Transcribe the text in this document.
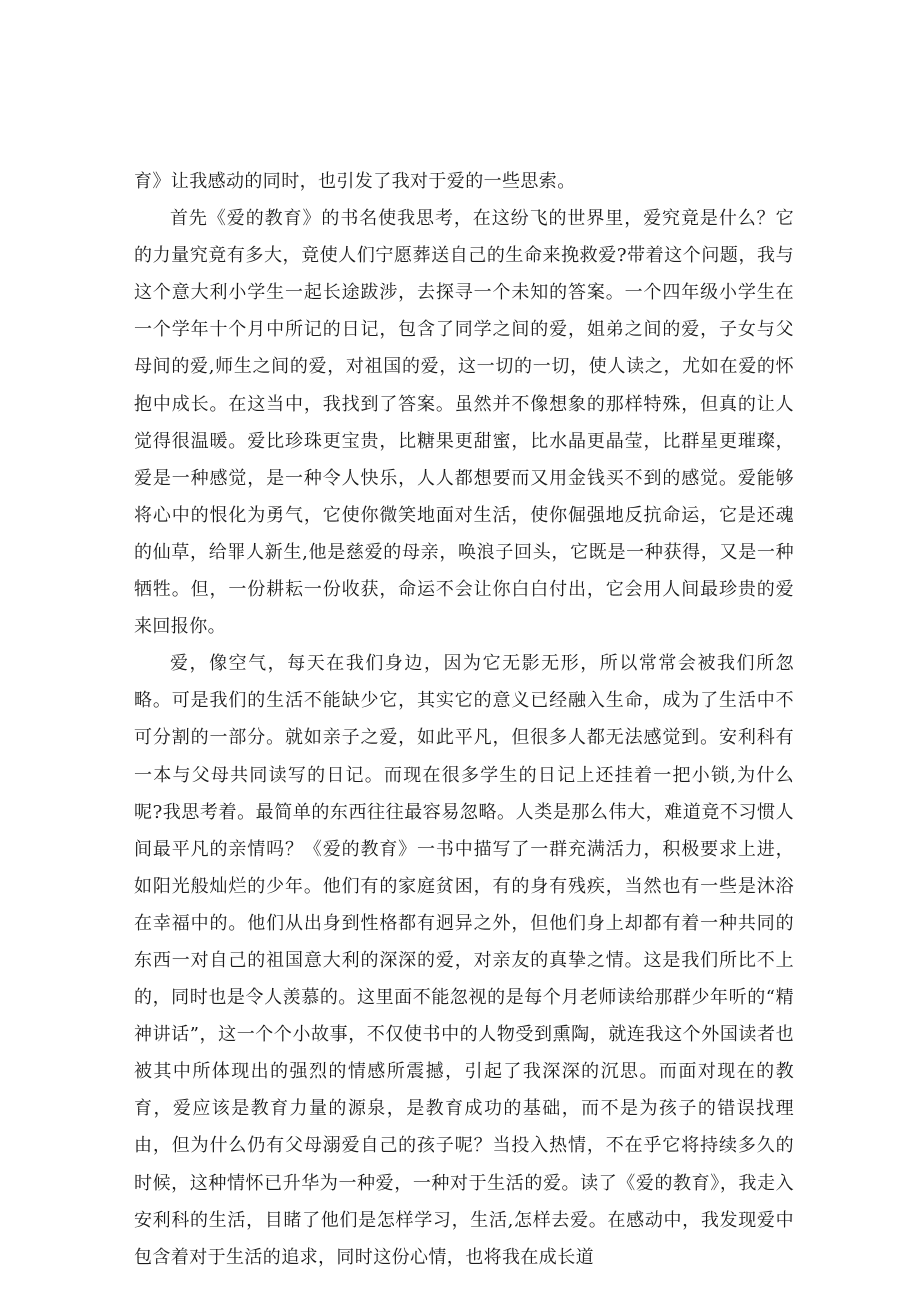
育》让我感动的同时，也引发了我对于爱的一些思索。

首先《爱的教育》的书名使我思考，在这纷飞的世界里，爱究竟是什么？它的力量究竟有多大，竟使人们宁愿葬送自己的生命来挽救爱?带着这个问题，我与这个意大利小学生一起长途跋涉，去探寻一个未知的答案。一个四年级小学生在一个学年十个月中所记的日记，包含了同学之间的爱，姐弟之间的爱，子女与父母间的爱,师生之间的爱，对祖国的爱，这一切的一切，使人读之，尤如在爱的怀抱中成长。在这当中，我找到了答案。虽然并不像想象的那样特殊，但真的让人觉得很温暖。爱比珍珠更宝贵，比糖果更甜蜜，比水晶更晶莹，比群星更璀璨，爱是一种感觉，是一种令人快乐，人人都想要而又用金钱买不到的感觉。爱能够将心中的恨化为勇气，它使你微笑地面对生活，使你倔强地反抗命运，它是还魂的仙草，给罪人新生,他是慈爱的母亲，唤浪子回头，它既是一种获得，又是一种牺牲。但，一份耕耘一份收获，命运不会让你白白付出，它会用人间最珍贵的爱来回报你。

爱，像空气，每天在我们身边，因为它无影无形，所以常常会被我们所忽略。可是我们的生活不能缺少它，其实它的意义已经融入生命，成为了生活中不可分割的一部分。就如亲子之爱，如此平凡，但很多人都无法感觉到。安利科有一本与父母共同读写的日记。而现在很多学生的日记上还挂着一把小锁,为什么呢?我思考着。最简单的东西往往最容易忽略。人类是那么伟大，难道竟不习惯人间最平凡的亲情吗？《爱的教育》一书中描写了一群充满活力，积极要求上进，如阳光般灿烂的少年。他们有的家庭贫困，有的身有残疾，当然也有一些是沐浴在幸福中的。他们从出身到性格都有迥异之外，但他们身上却都有着一种共同的东西一对自己的祖国意大利的深深的爱，对亲友的真挚之情。这是我们所比不上的，同时也是令人羡慕的。这里面不能忽视的是每个月老师读给那群少年听的“精神讲话”，这一个个小故事，不仅使书中的人物受到熏陶，就连我这个外国读者也被其中所体现出的强烈的情感所震撼，引起了我深深的沉思。而面对现在的教育，爱应该是教育力量的源泉，是教育成功的基础，而不是为孩子的错误找理由，但为什么仍有父母溺爱自己的孩子呢？当投入热情，不在乎它将持续多久的时候，这种情怀已升华为一种爱，一种对于生活的爱。读了《爱的教育》，我走入安利科的生活，目睹了他们是怎样学习，生活,怎样去爱。在感动中，我发现爱中包含着对于生活的追求，同时这份心情，也将我在成长道
